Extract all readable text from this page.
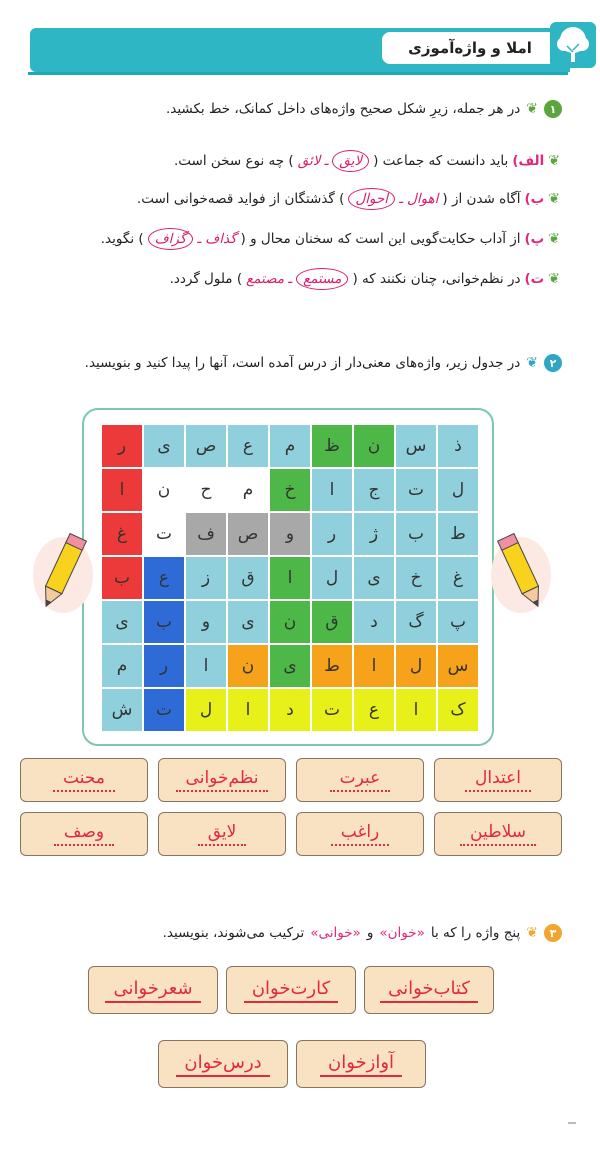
املا و واژه‌آموزی
۱
❦
در هر جمله، زیرِ شکل صحیح واژه‌های داخل کمانک، خط بکشید.
❦
الف)
باید دانست که جماعت (
لایق
ـ
لائق
) چه نوع سخن است.
❦
ب)
آگاه شدن از (
اهوال
ـ
احوال
) گذشتگان از فواید قصه‌خوانی است.
❦
پ)
از آداب حکایت‌گویی این است که سخنان محال و (
گذاف
ـ
گزاف
) نگوید.
❦
ت)
در نظم‌خوانی، چنان نکنند که (
مستمع
ـ
مصتمع
) ملول گردد.
۲
❦
در جدول زیر، واژه‌های معنی‌دار از درس آمده است، آنها را پیدا کنید و بنویسید.
ذ
س
ن
ظ
م
ع
ص
ی
ر
ل
ت
ج
ا
خ
م
ح
ن
ا
ط
ب
ژ
ر
و
ص
ف
ت
غ
غ
خ
ی
ل
ا
ق
ز
ع
ب
پ
گ
د
ق
ن
ی
و
ب
ی
س
ل
ا
ط
ی
ن
ا
ر
م
ک
ا
ع
ت
د
ا
ل
ت
ش
اعتدال
عبرت
نظم‌خوانی
محنت
سلاطین
راغب
لایق
وصف
۳
❦
پنج واژه را که با
«خوان»
و
«خوانی»
ترکیب می‌شوند، بنویسید.
کتاب‌خوانی
کارت‌خوان
شعرخوانی
آوازخوان
درس‌خوان
